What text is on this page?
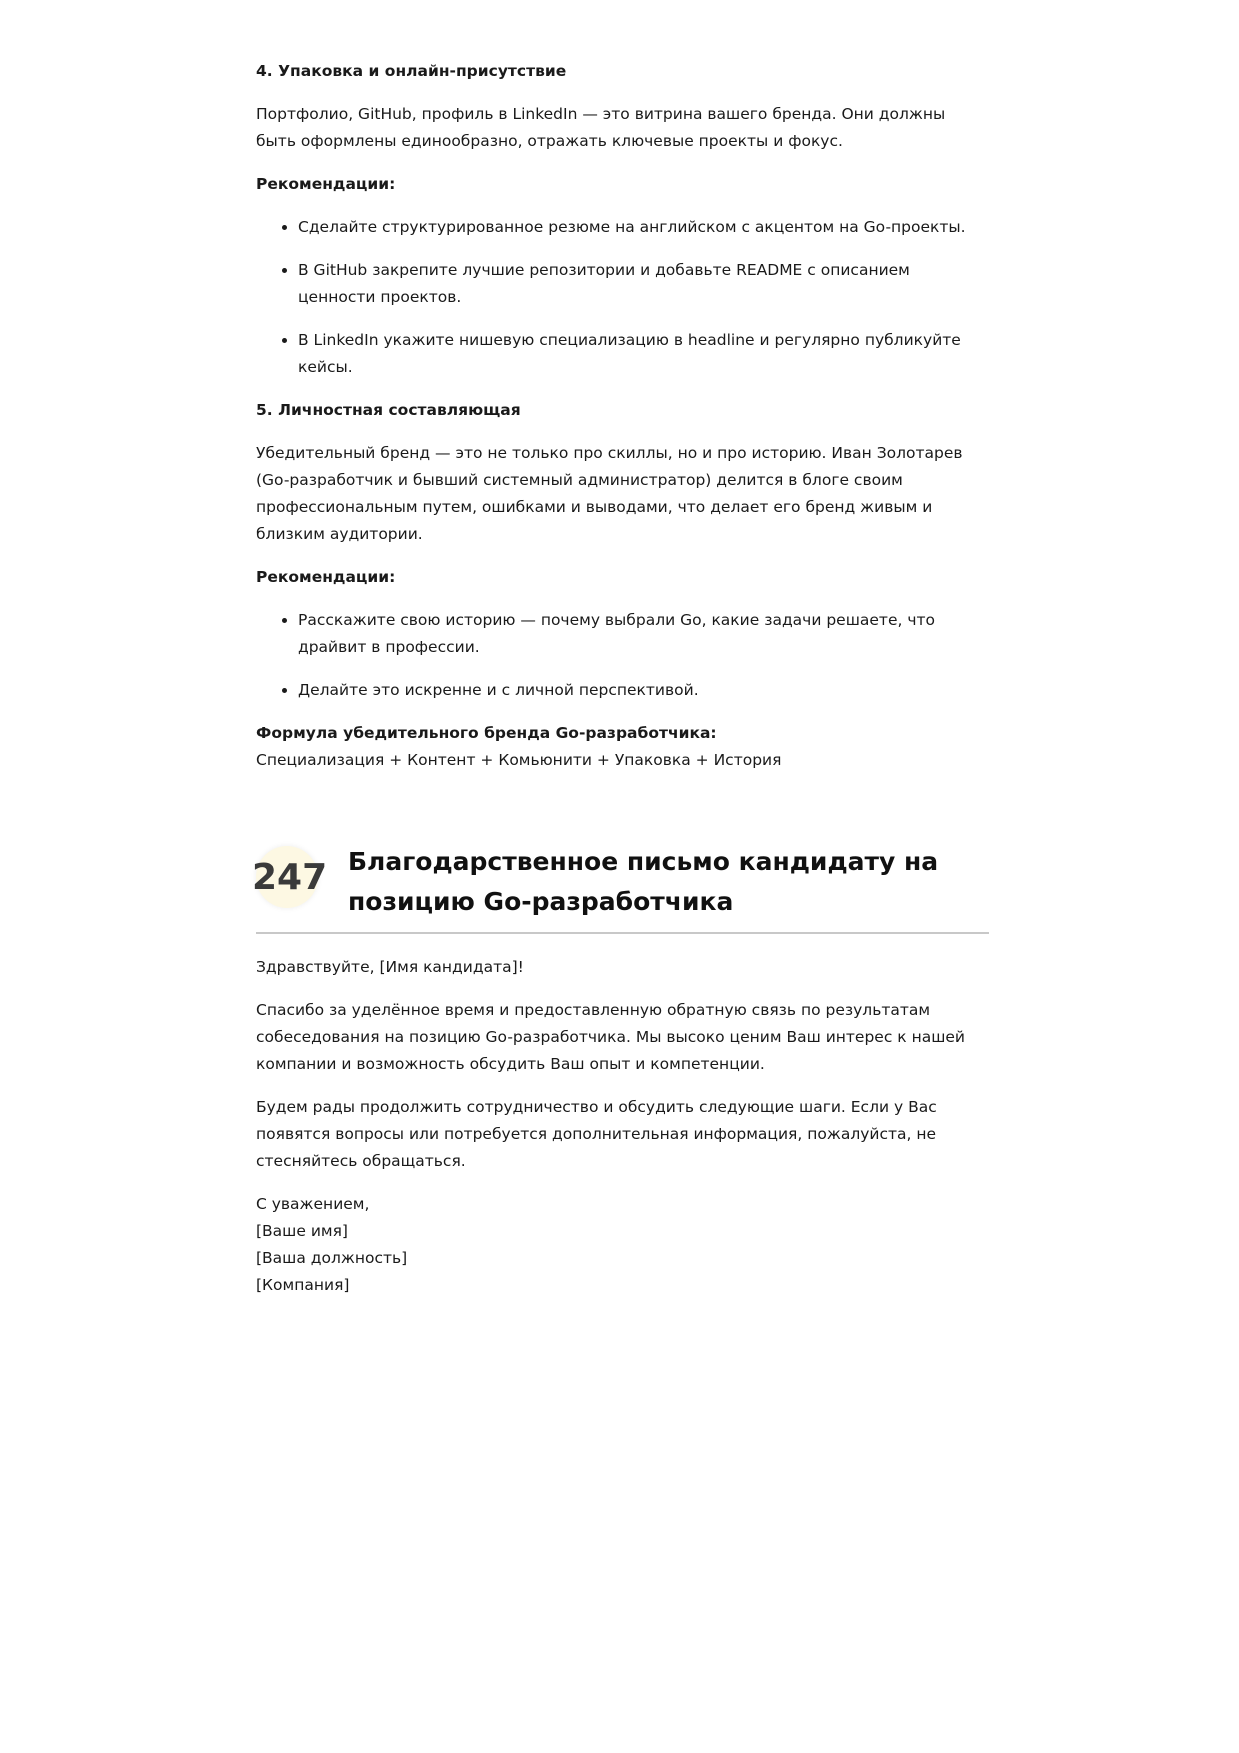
4. Упаковка и онлайн-присутствие

Портфолио, GitHub, профиль в LinkedIn — это витрина вашего бренда. Они должны быть оформлены единообразно, отражать ключевые проекты и фокус.

Рекомендации:

• Сделайте структурированное резюме на английском с акцентом на Go-проекты.
• В GitHub закрепите лучшие репозитории и добавьте README с описанием ценности проектов.
• В LinkedIn укажите нишевую специализацию в headline и регулярно публикуйте кейсы.

5. Личностная составляющая

Убедительный бренд — это не только про скиллы, но и про историю. Иван Золотарев (Go-разработчик и бывший системный администратор) делится в блоге своим профессиональным путем, ошибками и выводами, что делает его бренд живым и близким аудитории.

Рекомендации:

• Расскажите свою историю — почему выбрали Go, какие задачи решаете, что драйвит в профессии.
• Делайте это искренне и с личной перспективой.

Формула убедительного бренда Go-разработчика:

Специализация + Контент + Комьюнити + Упаковка + История

247 Благодарственное письмо кандидату на позицию Go-разработчика

Здравствуйте, [Имя кандидата]!

Спасибо за уделённое время и предоставленную обратную связь по результатам собеседования на позицию Go-разработчика. Мы высоко ценим Ваш интерес к нашей компании и возможность обсудить Ваш опыт и компетенции.

Будем рады продолжить сотрудничество и обсудить следующие шаги. Если у Вас появятся вопросы или потребуется дополнительная информация, пожалуйста, не стесняйтесь обращаться.

С уважением,

[Ваше имя]

[Ваша должность]

[Компания]
